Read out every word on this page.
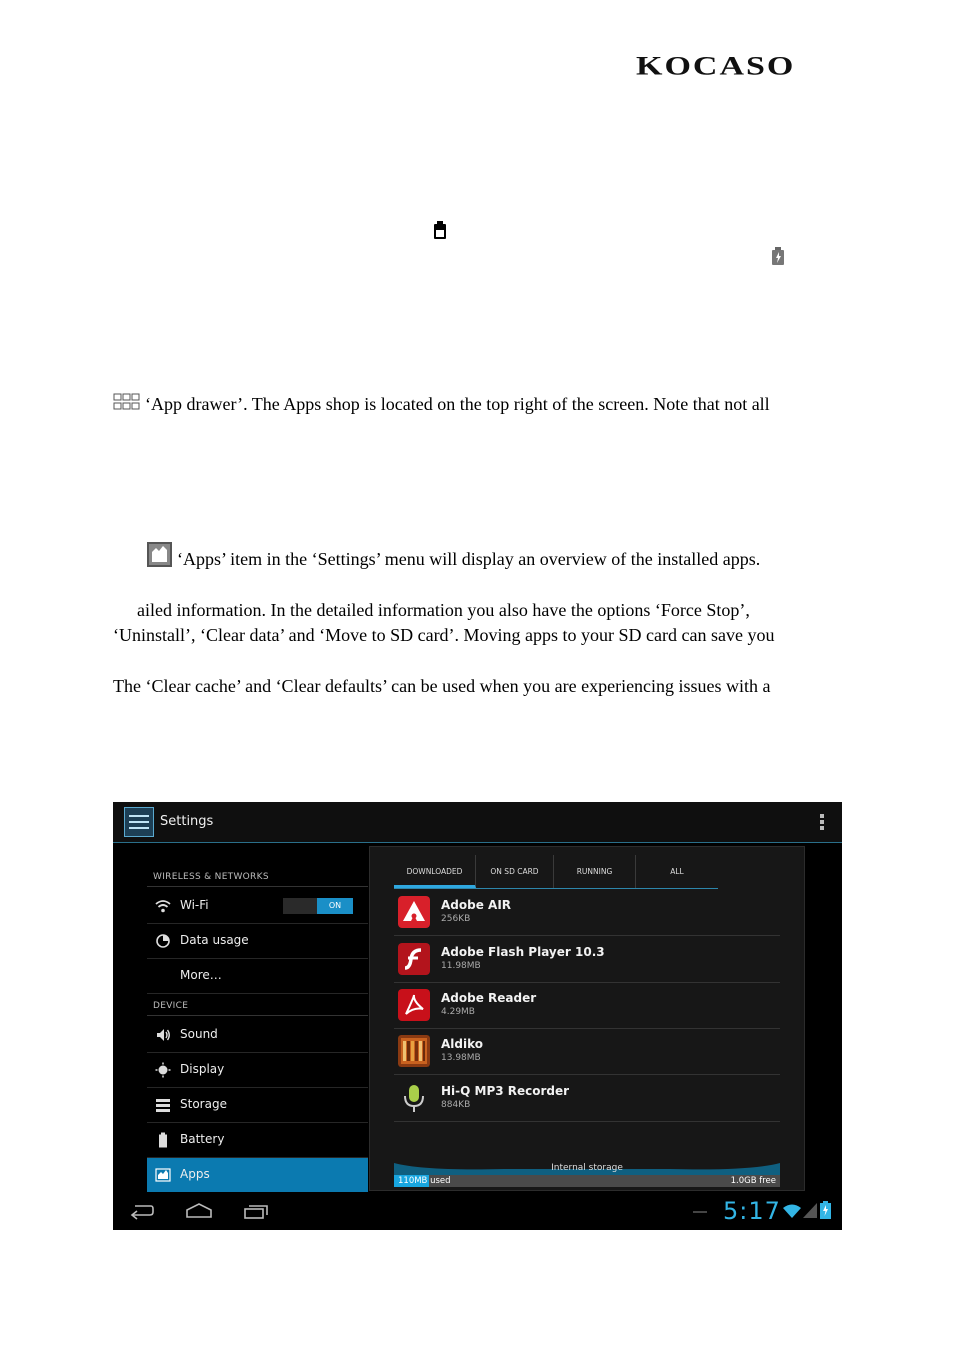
KOCASO
‘App drawer’. The Apps shop is located on the top right of the screen. Note that not all
‘Apps’ item in the ‘Settings’ menu will display an overview of the installed apps.
ailed information. In the detailed information you also have the options ‘Force Stop’,
‘Uninstall’, ‘Clear data’ and ‘Move to SD card’. Moving apps to your SD card can save you
The ‘Clear cache’ and ‘Clear defaults’ can be used when you are experiencing issues with a
Settings
WIRELESS & NETWORKS
Wi-Fi	ON
Data usage
More…
DEVICE
Sound
Display
Storage
Battery
Apps
DOWNLOADED	ON SD CARD	RUNNING	ALL
Adobe AIR
256KB
Adobe Flash Player 10.3
11.98MB
Adobe Reader
4.29MB
Aldiko
13.98MB
Hi-Q MP3 Recorder
884KB
Internal storage
110MB used	1.0GB free
5:17
